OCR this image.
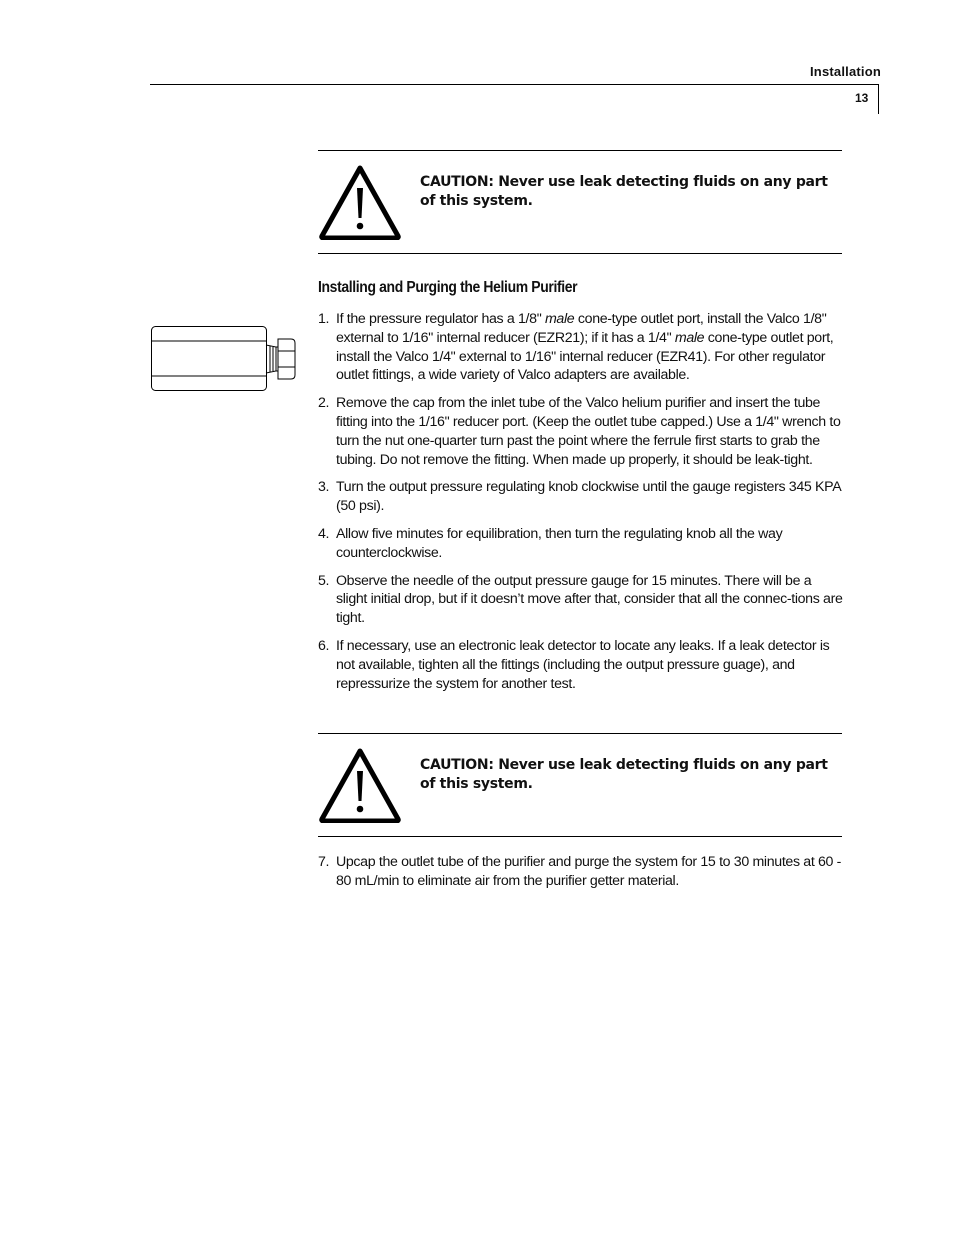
Installation
13
CAUTION: Never use leak detecting fluids on any part of this system.
Installing and Purging the Helium Purifier
1. If the pressure regulator has a 1/8" male cone-type outlet port, install the Valco 1/8" external to 1/16" internal reducer (EZR21); if it has a 1/4" male cone-type outlet port, install the Valco 1/4" external to 1/16" internal reducer (EZR41). For other regulator outlet fittings, a wide variety of Valco adapters are available.
2. Remove the cap from the inlet tube of the Valco helium purifier and insert the tube fitting into the 1/16" reducer port. (Keep the outlet tube capped.) Use a 1/4" wrench to turn the nut one-quarter turn past the point where the ferrule first starts to grab the tubing. Do not remove the fitting. When made up properly, it should be leak-tight.
3. Turn the output pressure regulating knob clockwise until the gauge registers 345 KPA (50 psi).
4. Allow five minutes for equilibration, then turn the regulating knob all the way counterclockwise.
5. Observe the needle of the output pressure gauge for 15 minutes. There will be a slight initial drop, but if it doesn’t move after that, consider that all the connec-tions are tight.
6. If necessary, use an electronic leak detector to locate any leaks. If a leak detector is not available, tighten all the fittings (including the output pressure guage), and repressurize the system for another test.
CAUTION: Never use leak detecting fluids on any part of this system.
7. Upcap the outlet tube of the purifier and purge the system for 15 to 30 minutes at 60 - 80 mL/min to eliminate air from the purifier getter material.
